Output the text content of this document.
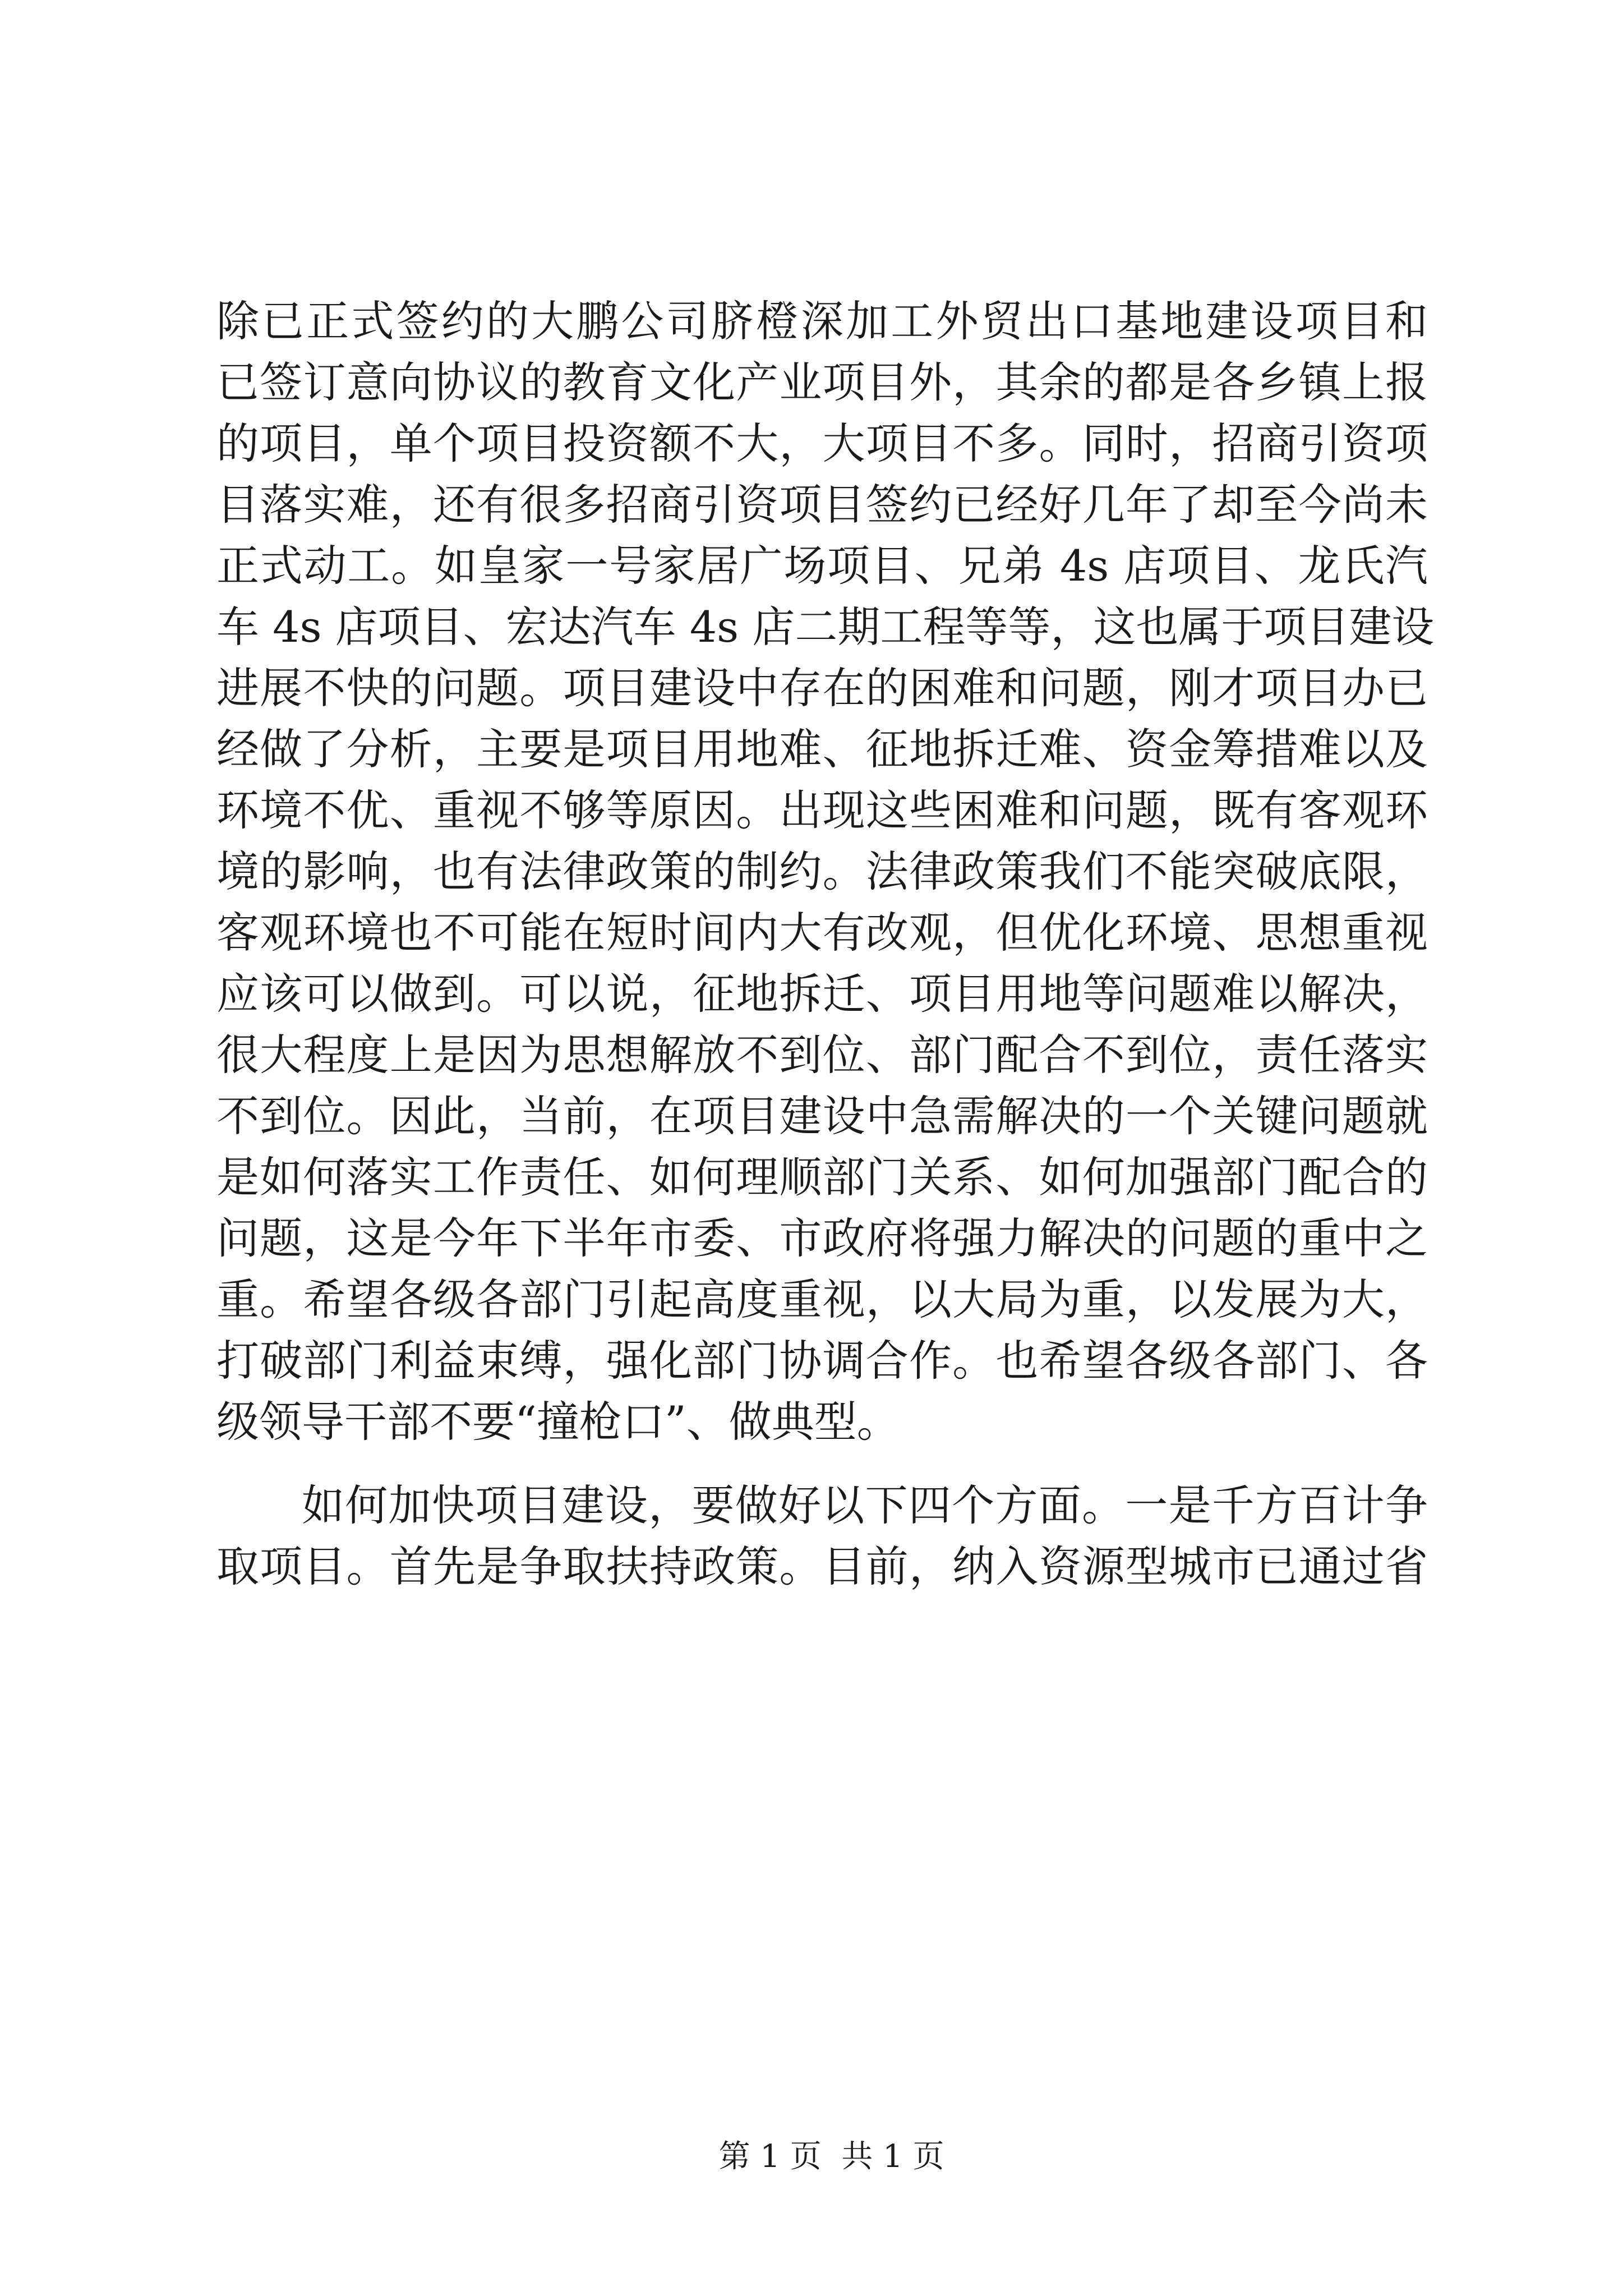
除已正式签约的大鹏公司脐橙深加工外贸出口基地建设项目和
已签订意向协议的教育文化产业项目外，其余的都是各乡镇上报
的项目，单个项目投资额不大，大项目不多。同时，招商引资项
目落实难，还有很多招商引资项目签约已经好几年了却至今尚未
正式动工。如皇家一号家居广场项目、兄弟 4s 店项目、龙氏汽
车 4s 店项目、宏达汽车 4s 店二期工程等等，这也属于项目建设
进展不快的问题。项目建设中存在的困难和问题，刚才项目办已
经做了分析，主要是项目用地难、征地拆迁难、资金筹措难以及
环境不优、重视不够等原因。出现这些困难和问题，既有客观环
境的影响，也有法律政策的制约。法律政策我们不能突破底限，
客观环境也不可能在短时间内大有改观，但优化环境、思想重视
应该可以做到。可以说，征地拆迁、项目用地等问题难以解决，
很大程度上是因为思想解放不到位、部门配合不到位，责任落实
不到位。因此，当前，在项目建设中急需解决的一个关键问题就
是如何落实工作责任、如何理顺部门关系、如何加强部门配合的
问题，这是今年下半年市委、市政府将强力解决的问题的重中之
重。希望各级各部门引起高度重视，以大局为重，以发展为大，
打破部门利益束缚，强化部门协调合作。也希望各级各部门、各
级领导干部不要“撞枪口”、做典型。
如何加快项目建设，要做好以下四个方面。一是千方百计争
取项目。首先是争取扶持政策。目前，纳入资源型城市已通过省

第 1 页  共 1 页
